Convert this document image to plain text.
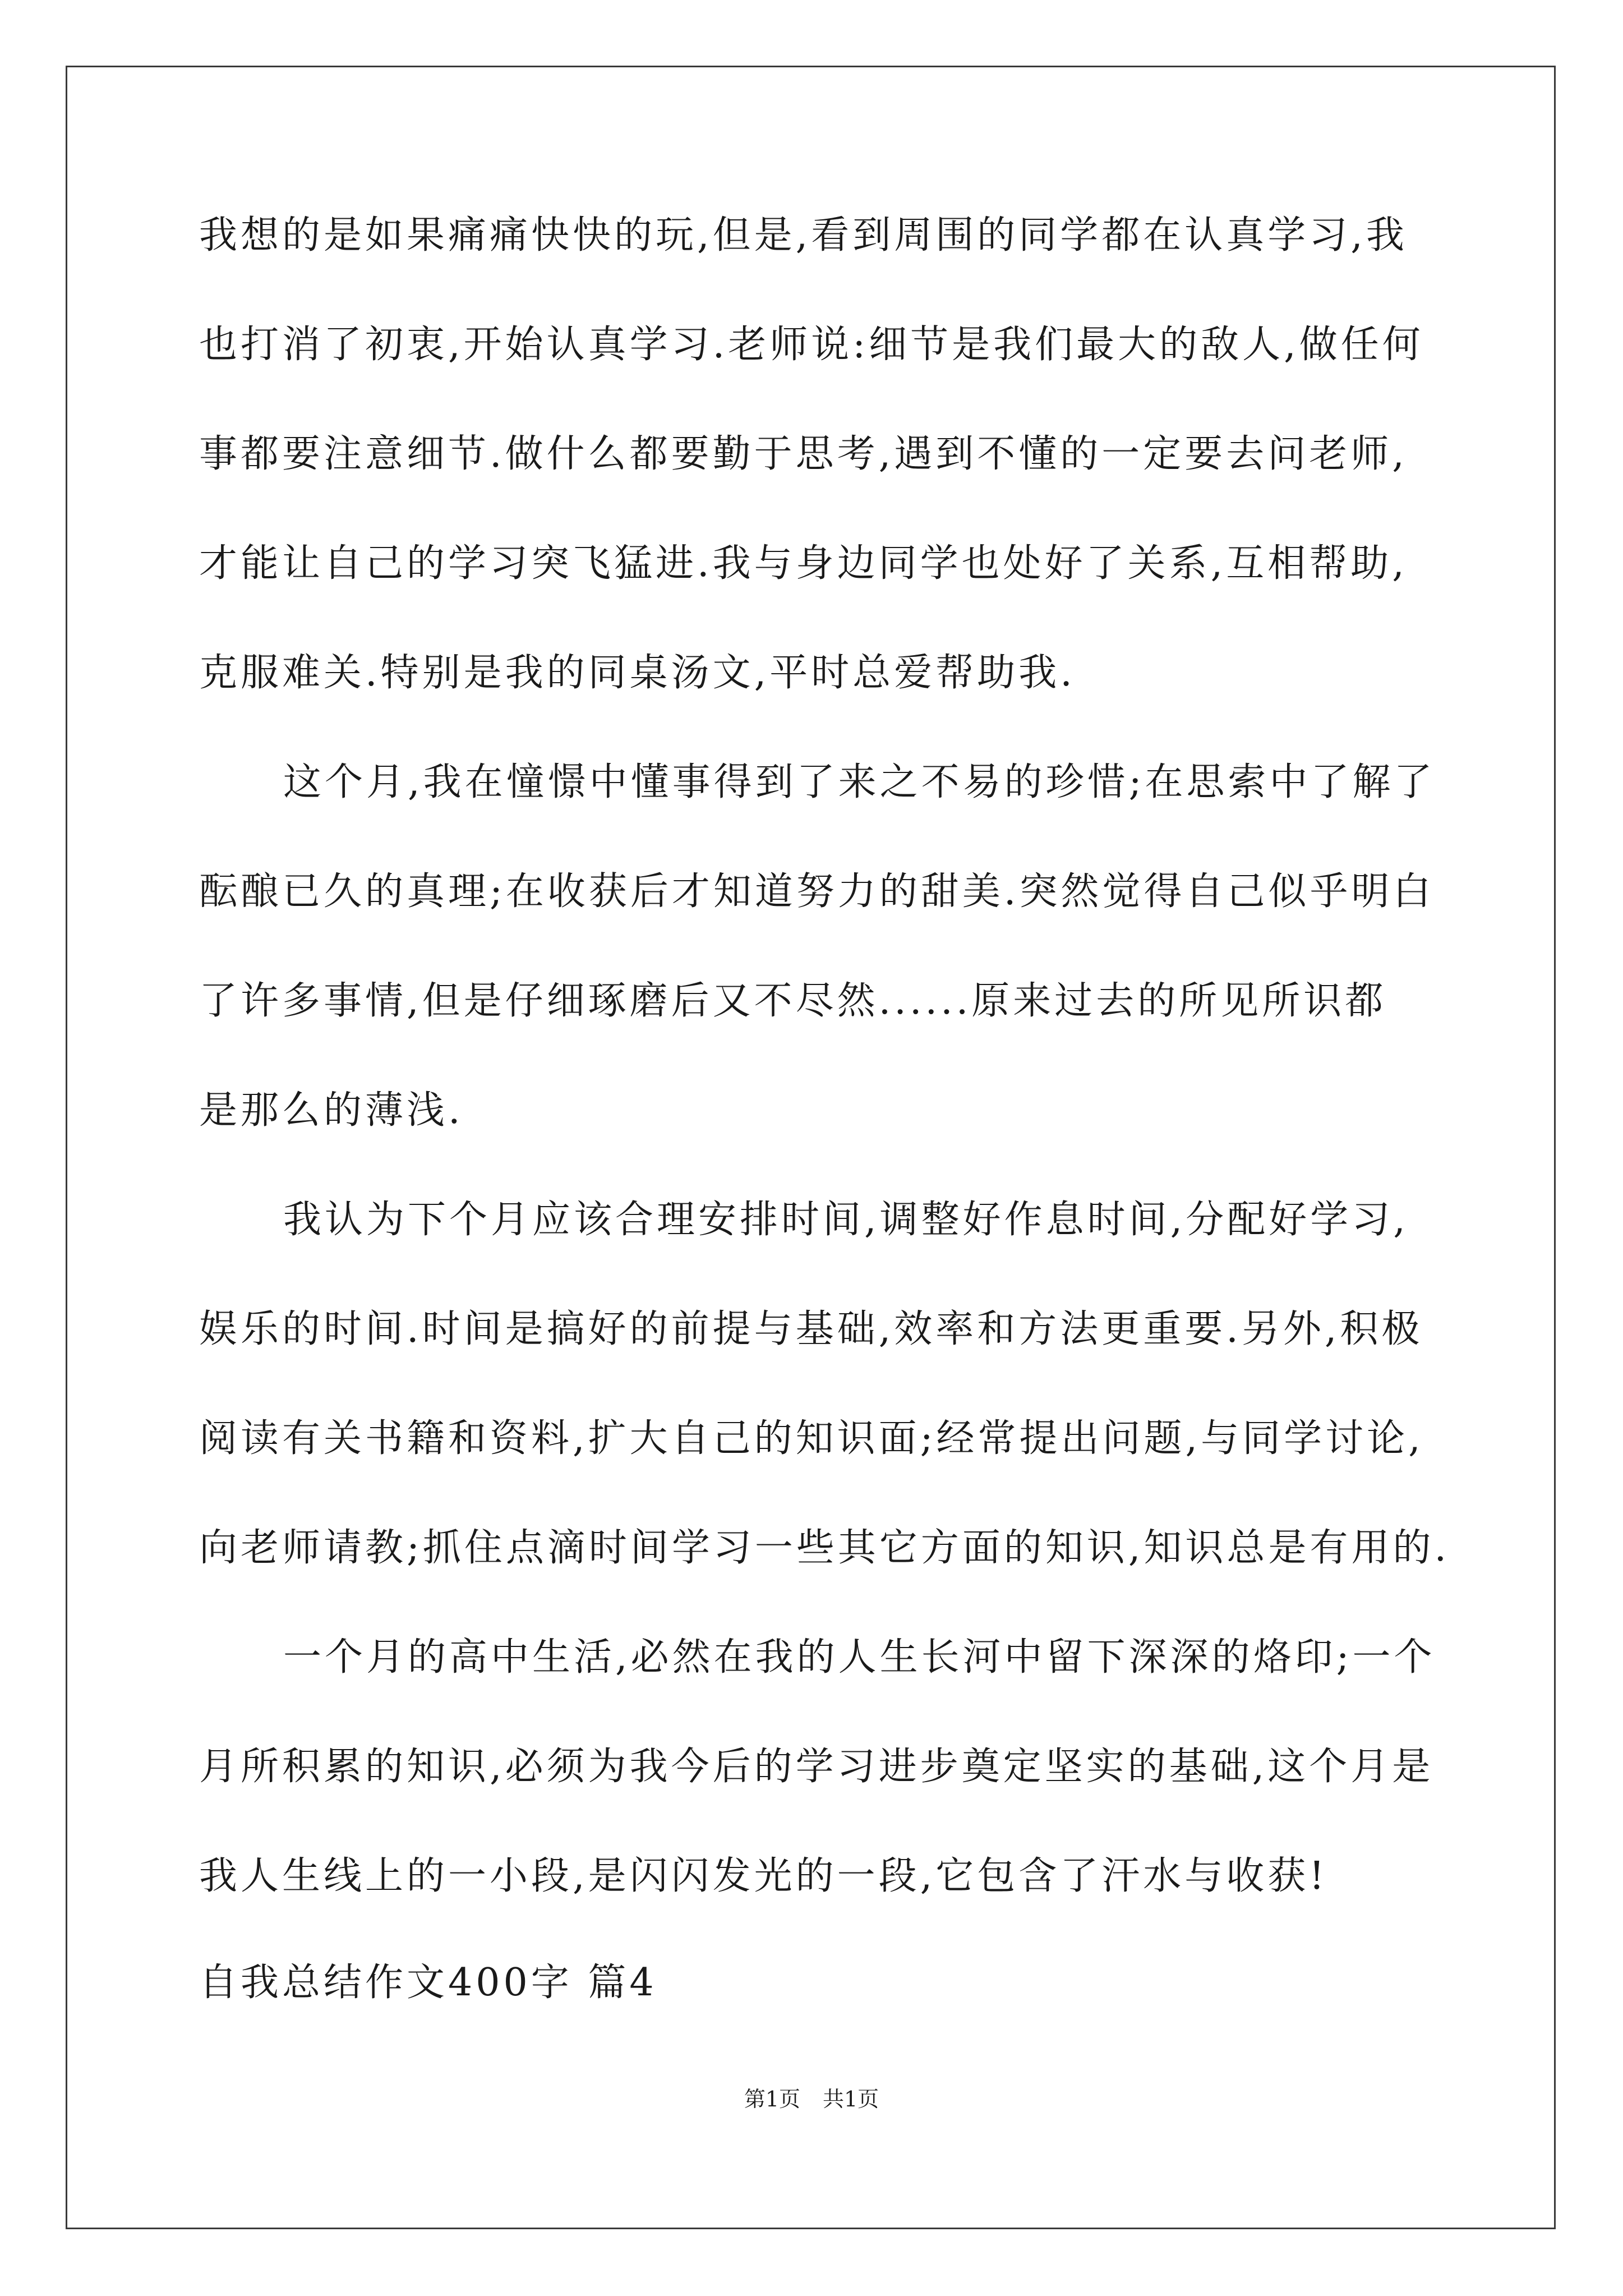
我想的是如果痛痛快快的玩,但是,看到周围的同学都在认真学习,我
也打消了初衷,开始认真学习.老师说:细节是我们最大的敌人,做任何
事都要注意细节.做什么都要勤于思考,遇到不懂的一定要去问老师,
才能让自己的学习突飞猛进.我与身边同学也处好了关系,互相帮助,
克服难关.特别是我的同桌汤文,平时总爱帮助我.
这个月,我在憧憬中懂事得到了来之不易的珍惜;在思索中了解了
酝酿已久的真理;在收获后才知道努力的甜美.突然觉得自己似乎明白
了许多事情,但是仔细琢磨后又不尽然......原来过去的所见所识都
是那么的薄浅.
我认为下个月应该合理安排时间,调整好作息时间,分配好学习,
娱乐的时间.时间是搞好的前提与基础,效率和方法更重要.另外,积极
阅读有关书籍和资料,扩大自己的知识面;经常提出问题,与同学讨论,
向老师请教;抓住点滴时间学习一些其它方面的知识,知识总是有用的.
一个月的高中生活,必然在我的人生长河中留下深深的烙印;一个
月所积累的知识,必须为我今后的学习进步奠定坚实的基础,这个月是
我人生线上的一小段,是闪闪发光的一段,它包含了汗水与收获!
自我总结作文400字 篇4
第1页 共1页
